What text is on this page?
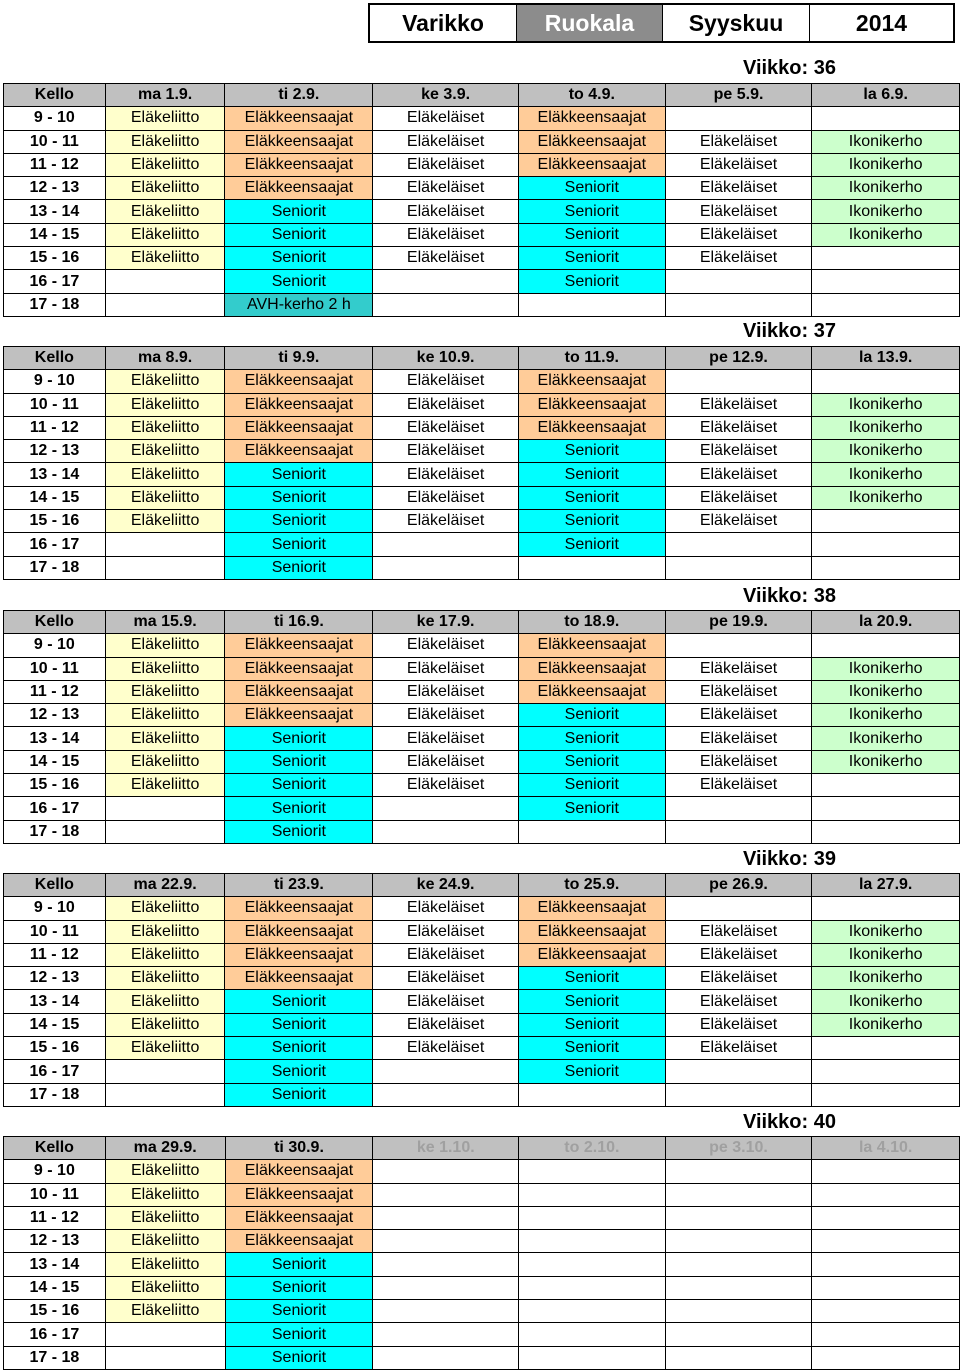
Varikko	Ruokala	Syyskuu	2014
Viikko: 36
Kello	ma 1.9.	ti 2.9.	ke 3.9.	to 4.9.	pe 5.9.	la 6.9.
9 - 10	Eläkeliitto	Eläkkeensaajat	Eläkeläiset	Eläkkeensaajat		
10 - 11	Eläkeliitto	Eläkkeensaajat	Eläkeläiset	Eläkkeensaajat	Eläkeläiset	Ikonikerho
11 - 12	Eläkeliitto	Eläkkeensaajat	Eläkeläiset	Eläkkeensaajat	Eläkeläiset	Ikonikerho
12 - 13	Eläkeliitto	Eläkkeensaajat	Eläkeläiset	Seniorit	Eläkeläiset	Ikonikerho
13 - 14	Eläkeliitto	Seniorit	Eläkeläiset	Seniorit	Eläkeläiset	Ikonikerho
14 - 15	Eläkeliitto	Seniorit	Eläkeläiset	Seniorit	Eläkeläiset	Ikonikerho
15 - 16	Eläkeliitto	Seniorit	Eläkeläiset	Seniorit	Eläkeläiset	
16 - 17		Seniorit		Seniorit		
17 - 18		AVH-kerho 2 h				
Viikko: 37
Kello	ma 8.9.	ti 9.9.	ke 10.9.	to 11.9.	pe 12.9.	la 13.9.
9 - 10	Eläkeliitto	Eläkkeensaajat	Eläkeläiset	Eläkkeensaajat		
10 - 11	Eläkeliitto	Eläkkeensaajat	Eläkeläiset	Eläkkeensaajat	Eläkeläiset	Ikonikerho
11 - 12	Eläkeliitto	Eläkkeensaajat	Eläkeläiset	Eläkkeensaajat	Eläkeläiset	Ikonikerho
12 - 13	Eläkeliitto	Eläkkeensaajat	Eläkeläiset	Seniorit	Eläkeläiset	Ikonikerho
13 - 14	Eläkeliitto	Seniorit	Eläkeläiset	Seniorit	Eläkeläiset	Ikonikerho
14 - 15	Eläkeliitto	Seniorit	Eläkeläiset	Seniorit	Eläkeläiset	Ikonikerho
15 - 16	Eläkeliitto	Seniorit	Eläkeläiset	Seniorit	Eläkeläiset	
16 - 17		Seniorit		Seniorit		
17 - 18		Seniorit				
Viikko: 38
Kello	ma 15.9.	ti 16.9.	ke 17.9.	to 18.9.	pe 19.9.	la 20.9.
9 - 10	Eläkeliitto	Eläkkeensaajat	Eläkeläiset	Eläkkeensaajat		
10 - 11	Eläkeliitto	Eläkkeensaajat	Eläkeläiset	Eläkkeensaajat	Eläkeläiset	Ikonikerho
11 - 12	Eläkeliitto	Eläkkeensaajat	Eläkeläiset	Eläkkeensaajat	Eläkeläiset	Ikonikerho
12 - 13	Eläkeliitto	Eläkkeensaajat	Eläkeläiset	Seniorit	Eläkeläiset	Ikonikerho
13 - 14	Eläkeliitto	Seniorit	Eläkeläiset	Seniorit	Eläkeläiset	Ikonikerho
14 - 15	Eläkeliitto	Seniorit	Eläkeläiset	Seniorit	Eläkeläiset	Ikonikerho
15 - 16	Eläkeliitto	Seniorit	Eläkeläiset	Seniorit	Eläkeläiset	
16 - 17		Seniorit		Seniorit		
17 - 18		Seniorit				
Viikko: 39
Kello	ma 22.9.	ti 23.9.	ke 24.9.	to 25.9.	pe 26.9.	la 27.9.
9 - 10	Eläkeliitto	Eläkkeensaajat	Eläkeläiset	Eläkkeensaajat		
10 - 11	Eläkeliitto	Eläkkeensaajat	Eläkeläiset	Eläkkeensaajat	Eläkeläiset	Ikonikerho
11 - 12	Eläkeliitto	Eläkkeensaajat	Eläkeläiset	Eläkkeensaajat	Eläkeläiset	Ikonikerho
12 - 13	Eläkeliitto	Eläkkeensaajat	Eläkeläiset	Seniorit	Eläkeläiset	Ikonikerho
13 - 14	Eläkeliitto	Seniorit	Eläkeläiset	Seniorit	Eläkeläiset	Ikonikerho
14 - 15	Eläkeliitto	Seniorit	Eläkeläiset	Seniorit	Eläkeläiset	Ikonikerho
15 - 16	Eläkeliitto	Seniorit	Eläkeläiset	Seniorit	Eläkeläiset	
16 - 17		Seniorit		Seniorit		
17 - 18		Seniorit				
Viikko: 40
Kello	ma 29.9.	ti 30.9.	ke 1.10.	to 2.10.	pe 3.10.	la 4.10.
9 - 10	Eläkeliitto	Eläkkeensaajat				
10 - 11	Eläkeliitto	Eläkkeensaajat				
11 - 12	Eläkeliitto	Eläkkeensaajat				
12 - 13	Eläkeliitto	Eläkkeensaajat				
13 - 14	Eläkeliitto	Seniorit				
14 - 15	Eläkeliitto	Seniorit				
15 - 16	Eläkeliitto	Seniorit				
16 - 17		Seniorit				
17 - 18		Seniorit				
